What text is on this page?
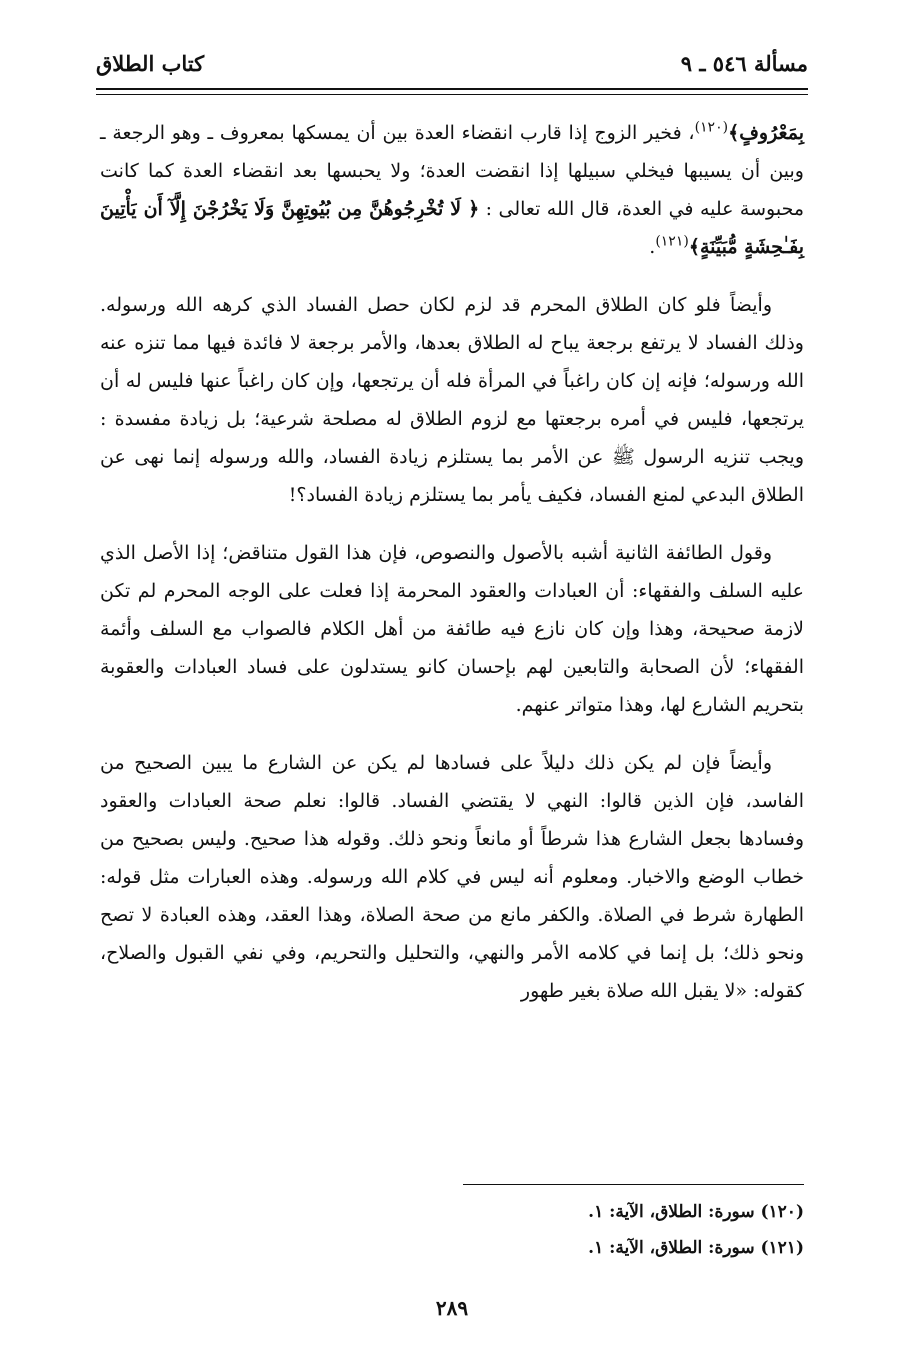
مسألة ٥٤٦ ـ ٩
كتاب الطلاق

بِمَعْرُوفٍ﴾$^{(١٢٠)}$، فخير الزوج إذا قارب انقضاء العدة بين أن يمسكها بمعروف ـ وهو الرجعة ـ وبين أن يسيبها فيخلي سبيلها إذا انقضت العدة؛ ولا يحبسها بعد انقضاء العدة كما كانت محبوسة عليه في العدة، قال الله تعالى : ﴿ لَا تُخْرِجُوهُنَّ مِن بُيُوتِهِنَّ وَلَا يَخْرُجْنَ إِلَّآ أَن يَأْتِينَ بِفَـٰحِشَةٍ مُّبَيِّنَةٍ﴾$^{(١٢١)}$.

وأيضاً فلو كان الطلاق المحرم قد لزم لكان حصل الفساد الذي كرهه الله ورسوله. وذلك الفساد لا يرتفع برجعة يباح له الطلاق بعدها، والأمر برجعة لا فائدة فيها مما تنزه عنه الله ورسوله؛ فإنه إن كان راغباً في المرأة فله أن يرتجعها، وإن كان راغباً عنها فليس له أن يرتجعها، فليس في أمره برجعتها مع لزوم الطلاق له مصلحة شرعية؛ بل زيادة مفسدة : ويجب تنزيه الرسول ﷺ عن الأمر بما يستلزم زيادة الفساد، والله ورسوله إنما نهى عن الطلاق البدعي لمنع الفساد، فكيف يأمر بما يستلزم زيادة الفساد؟!

وقول الطائفة الثانية أشبه بالأصول والنصوص، فإن هذا القول متناقض؛ إذا الأصل الذي عليه السلف والفقهاء: أن العبادات والعقود المحرمة إذا فعلت على الوجه المحرم لم تكن لازمة صحيحة، وهذا وإن كان نازع فيه طائفة من أهل الكلام فالصواب مع السلف وأئمة الفقهاء؛ لأن الصحابة والتابعين لهم بإحسان كانو يستدلون على فساد العبادات والعقوبة بتحريم الشارع لها، وهذا متواتر عنهم.

وأيضاً فإن لم يكن ذلك دليلاً على فسادها لم يكن عن الشارع ما يبين الصحيح من الفاسد، فإن الذين قالوا: النهي لا يقتضي الفساد. قالوا: نعلم صحة العبادات والعقود وفسادها بجعل الشارع هذا شرطاً أو مانعاً ونحو ذلك. وقوله هذا صحيح. وليس بصحيح من خطاب الوضع والاخبار. ومعلوم أنه ليس في كلام الله ورسوله. وهذه العبارات مثل قوله: الطهارة شرط في الصلاة. والكفر مانع من صحة الصلاة، وهذا العقد، وهذه العبادة لا تصح ونحو ذلك؛ بل إنما في كلامه الأمر والنهي، والتحليل والتحريم، وفي نفي القبول والصلاح، كقوله: «لا يقبل الله صلاة بغير طهور

(١٢٠) سورة: الطلاق، الآية: ١.
(١٢١) سورة: الطلاق، الآية: ١.
٢٨٩
